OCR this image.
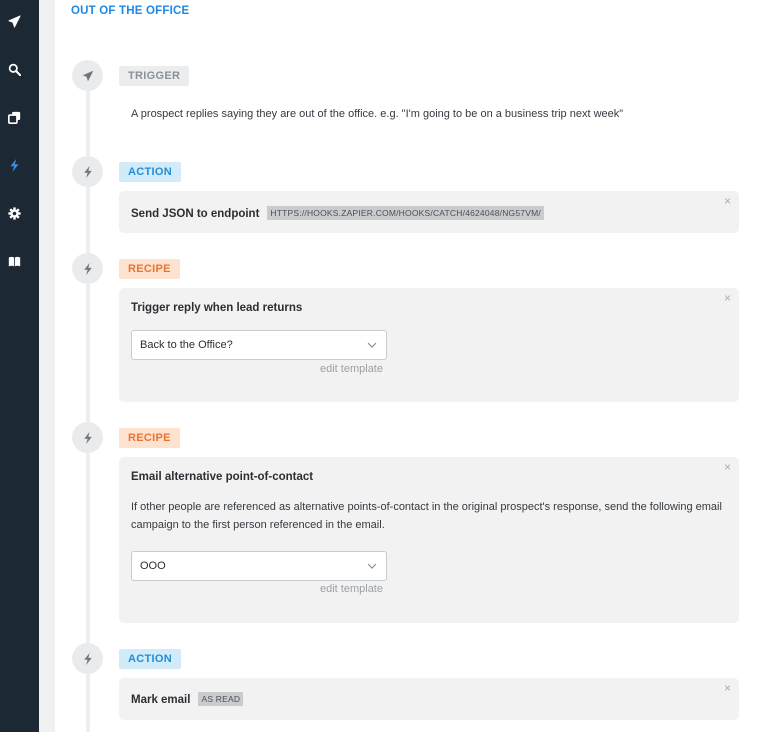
OUT OF THE OFFICE
TRIGGER
A prospect replies saying they are out of the office. e.g. "I'm going to be on a business trip next week"
ACTION
×
Send JSON to endpoint HTTPS://HOOKS.ZAPIER.COM/HOOKS/CATCH/4624048/NG57VM/
RECIPE
×
Trigger reply when lead returns
Back to the Office?
edit template
RECIPE
×
Email alternative point-of-contact
If other people are referenced as alternative points-of-contact in the original prospect's response, send the following email campaign to the first person referenced in the email.
OOO
edit template
ACTION
×
Mark email AS READ
